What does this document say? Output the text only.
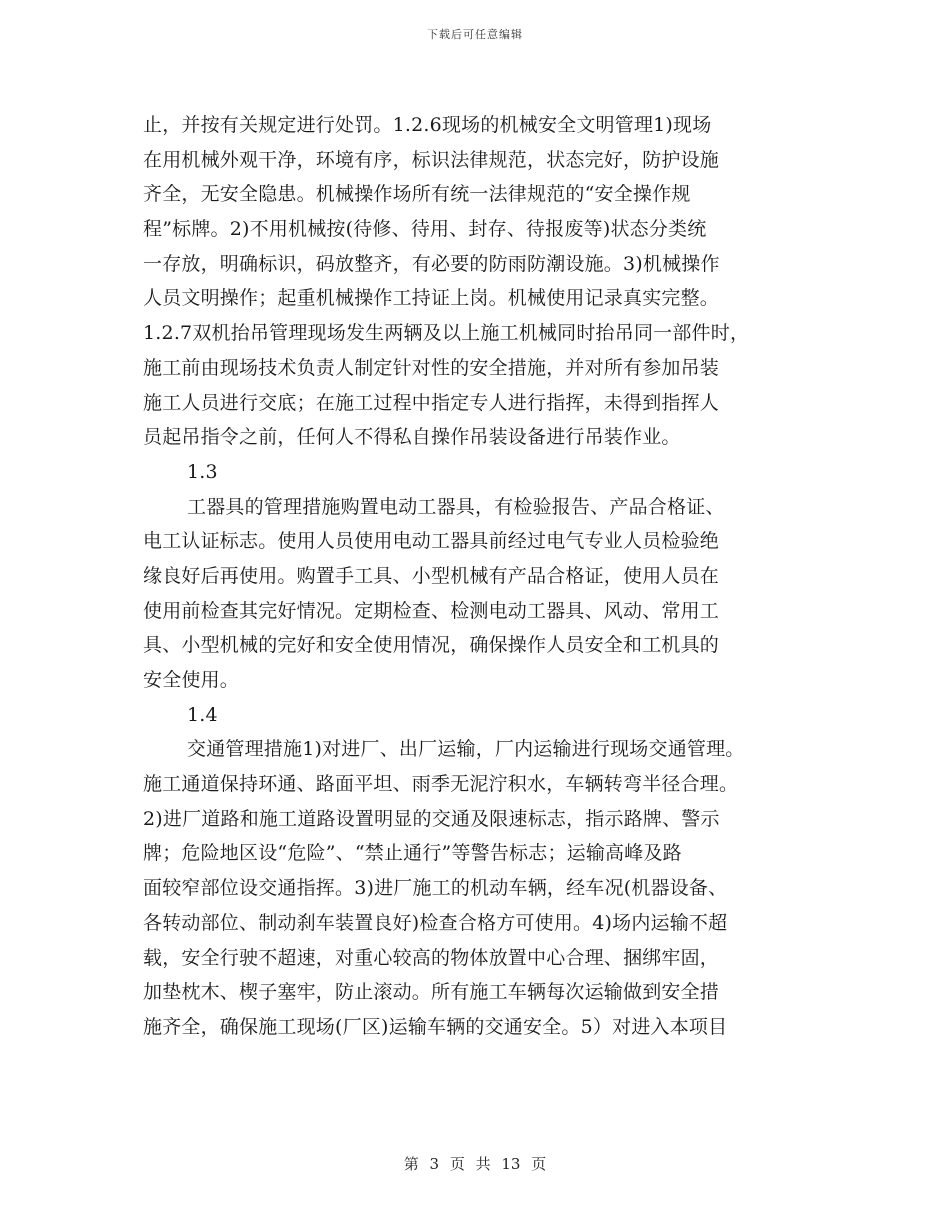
下载后可任意编辑
止，并按有关规定进行处罚。1.2.6现场的机械安全文明管理1)现场
在用机械外观干净，环境有序，标识法律规范，状态完好，防护设施
齐全，无安全隐患。机械操作场所有统一法律规范的“安全操作规
程”标牌。2)不用机械按(待修、待用、封存、待报废等)状态分类统
一存放，明确标识，码放整齐，有必要的防雨防潮设施。3)机械操作
人员文明操作；起重机械操作工持证上岗。机械使用记录真实完整。
1.2.7双机抬吊管理现场发生两辆及以上施工机械同时抬吊同一部件时，
施工前由现场技术负责人制定针对性的安全措施，并对所有参加吊装
施工人员进行交底；在施工过程中指定专人进行指挥，未得到指挥人
员起吊指令之前，任何人不得私自操作吊装设备进行吊装作业。
1.3
工器具的管理措施购置电动工器具，有检验报告、产品合格证、
电工认证标志。使用人员使用电动工器具前经过电气专业人员检验绝
缘良好后再使用。购置手工具、小型机械有产品合格证，使用人员在
使用前检查其完好情况。定期检查、检测电动工器具、风动、常用工
具、小型机械的完好和安全使用情况，确保操作人员安全和工机具的
安全使用。
1.4
交通管理措施1)对进厂、出厂运输，厂内运输进行现场交通管理。
施工通道保持环通、路面平坦、雨季无泥泞积水，车辆转弯半径合理。
2)进厂道路和施工道路设置明显的交通及限速标志，指示路牌、警示
牌；危险地区设“危险”、“禁止通行”等警告标志；运输高峰及路
面较窄部位设交通指挥。3)进厂施工的机动车辆，经车况(机器设备、
各转动部位、制动刹车装置良好)检查合格方可使用。4)场内运输不超
载，安全行驶不超速，对重心较高的物体放置中心合理、捆绑牢固，
加垫枕木、楔子塞牢，防止滚动。所有施工车辆每次运输做到安全措
施齐全，确保施工现场(厂区)运输车辆的交通安全。5）对进入本项目
第 3 页 共 13 页
